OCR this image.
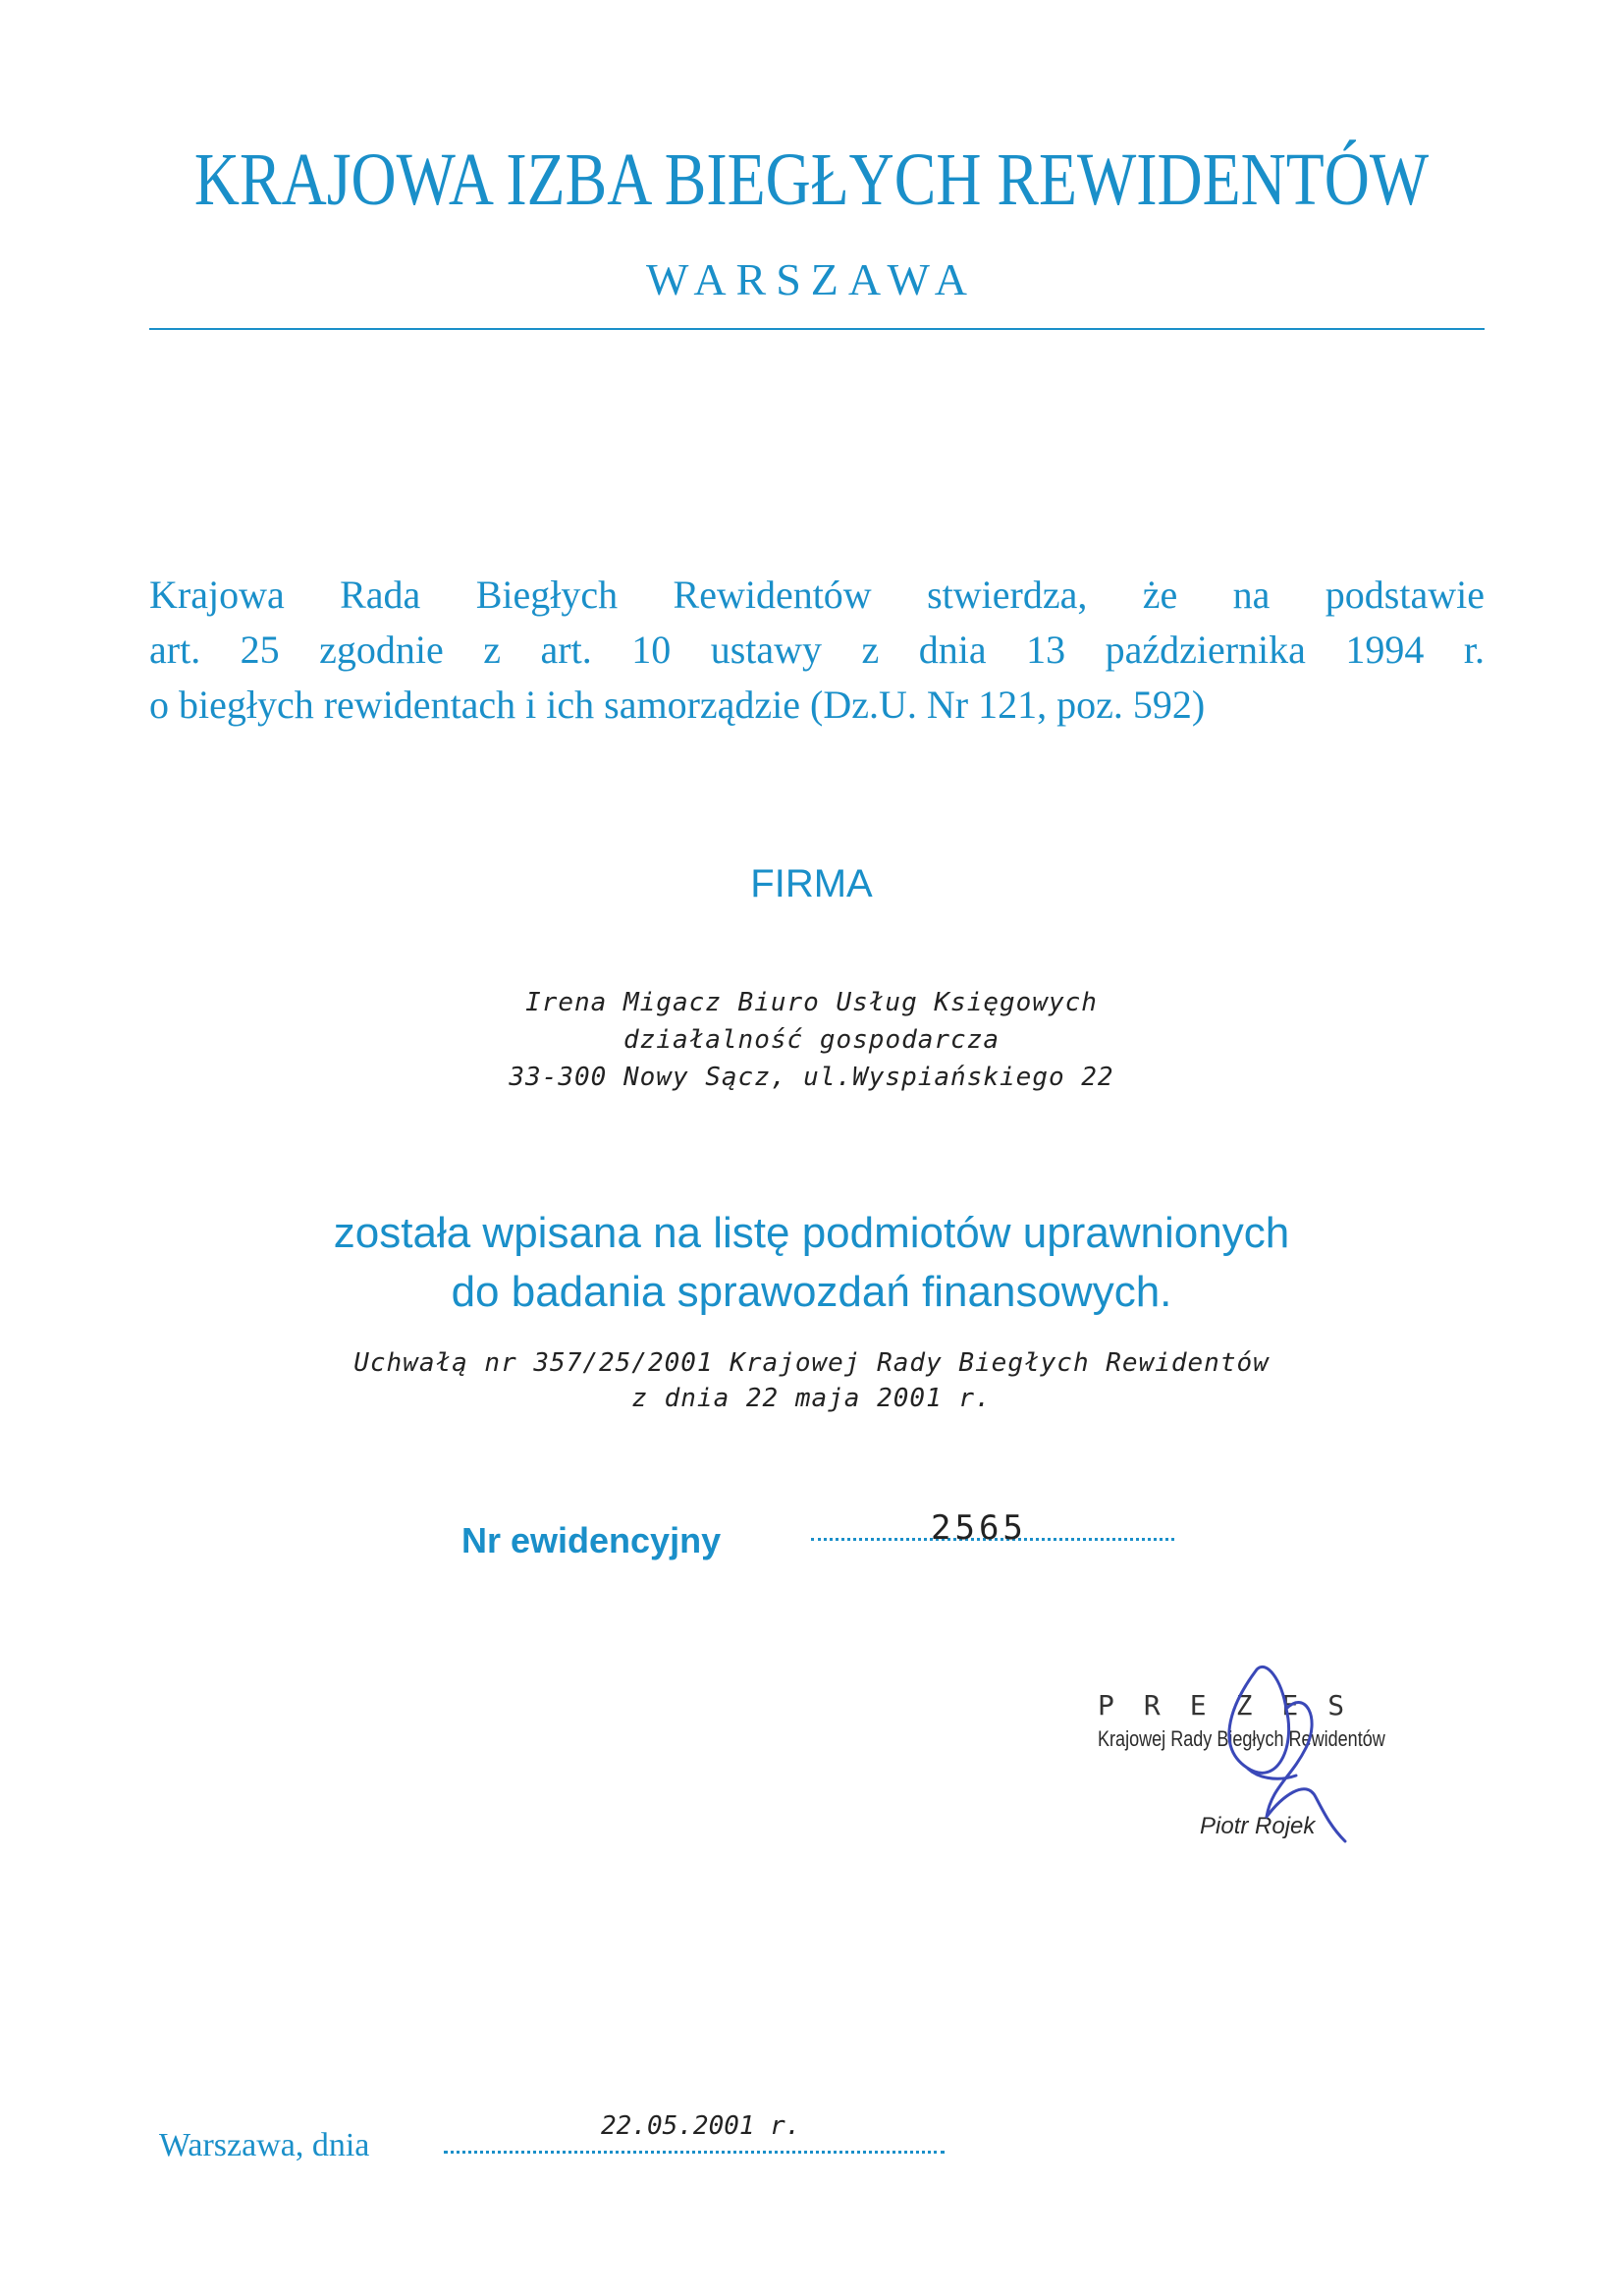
KRAJOWA IZBA BIEGŁYCH REWIDENTÓW
WARSZAWA
Krajowa Rada Biegłych Rewidentów stwierdza, że na podstawie
art. 25 zgodnie z art. 10 ustawy z dnia 13 października 1994 r.
o biegłych rewidentach i ich samorządzie (Dz.U. Nr 121, poz. 592)
FIRMA
Irena Migacz Biuro Usług Księgowych
działalność gospodarcza
33-300 Nowy Sącz, ul.Wyspiańskiego 22
została wpisana na listę podmiotów uprawnionych
do badania sprawozdań finansowych.
Uchwałą nr 357/25/2001 Krajowej Rady Biegłych Rewidentów
z dnia 22 maja 2001 r.
Nr ewidencyjny	2565
PREZES
Krajowej Rady Biegłych Rewidentów
Piotr Rojek
Warszawa, dnia
22.05.2001 r.
